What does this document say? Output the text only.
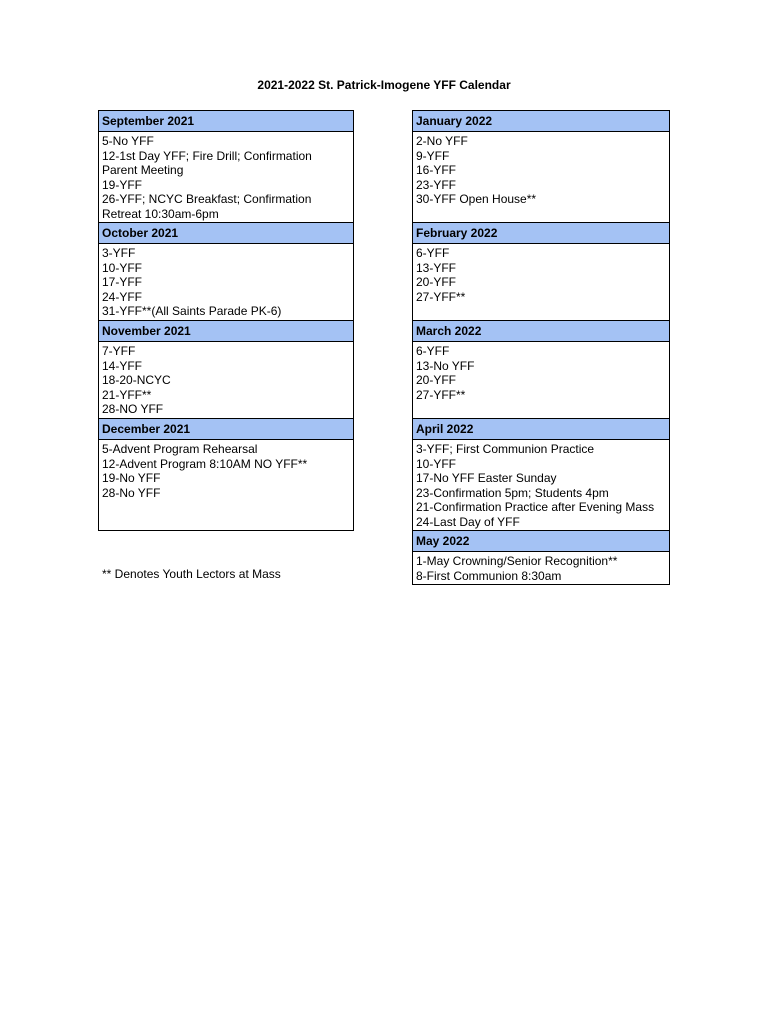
2021-2022 St. Patrick-Imogene YFF Calendar
September 2021
5-No YFF
12-1st Day YFF; Fire Drill; Confirmation
Parent Meeting
19-YFF
26-YFF; NCYC Breakfast; Confirmation
Retreat 10:30am-6pm
October 2021
3-YFF
10-YFF
17-YFF
24-YFF
31-YFF**(All Saints Parade PK-6)
November 2021
7-YFF
14-YFF
18-20-NCYC
21-YFF**
28-NO YFF
December 2021
5-Advent Program Rehearsal
12-Advent Program 8:10AM NO YFF**
19-No YFF
28-No YFF
January 2022
2-No YFF
9-YFF
16-YFF
23-YFF
30-YFF Open House**
February 2022
6-YFF
13-YFF
20-YFF
27-YFF**
March 2022
6-YFF
13-No YFF
20-YFF
27-YFF**
April 2022
3-YFF; First Communion Practice
10-YFF
17-No YFF Easter Sunday
23-Confirmation 5pm; Students 4pm
21-Confirmation Practice after Evening Mass
24-Last Day of YFF
May 2022
1-May Crowning/Senior Recognition**
8-First Communion 8:30am
** Denotes Youth Lectors at Mass
